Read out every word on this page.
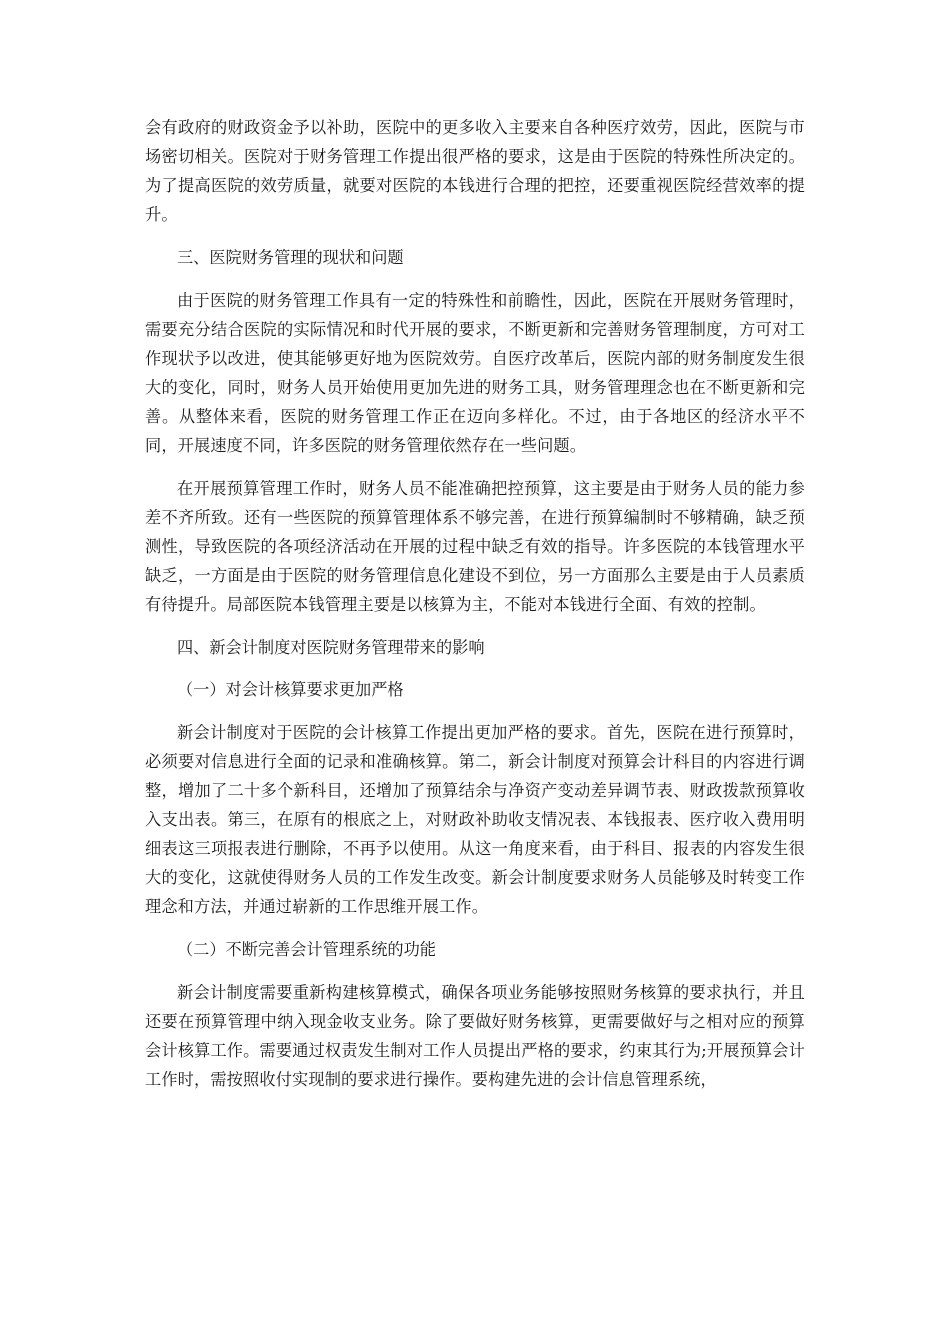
会有政府的财政资金予以补助，医院中的更多收入主要来自各种医疗效劳，因此，医院与市场密切相关。医院对于财务管理工作提出很严格的要求，这是由于医院的特殊性所决定的。为了提高医院的效劳质量，就要对医院的本钱进行合理的把控，还要重视医院经营效率的提升。

三、医院财务管理的现状和问题

由于医院的财务管理工作具有一定的特殊性和前瞻性，因此，医院在开展财务管理时，需要充分结合医院的实际情况和时代开展的要求，不断更新和完善财务管理制度，方可对工作现状予以改进，使其能够更好地为医院效劳。自医疗改革后，医院内部的财务制度发生很大的变化，同时，财务人员开始使用更加先进的财务工具，财务管理理念也在不断更新和完善。从整体来看，医院的财务管理工作正在迈向多样化。不过，由于各地区的经济水平不同，开展速度不同，许多医院的财务管理依然存在一些问题。

在开展预算管理工作时，财务人员不能准确把控预算，这主要是由于财务人员的能力参差不齐所致。还有一些医院的预算管理体系不够完善，在进行预算编制时不够精确，缺乏预测性，导致医院的各项经济活动在开展的过程中缺乏有效的指导。许多医院的本钱管理水平缺乏，一方面是由于医院的财务管理信息化建设不到位，另一方面那么主要是由于人员素质有待提升。局部医院本钱管理主要是以核算为主，不能对本钱进行全面、有效的控制。

四、新会计制度对医院财务管理带来的影响

（一）对会计核算要求更加严格

新会计制度对于医院的会计核算工作提出更加严格的要求。首先，医院在进行预算时，必须要对信息进行全面的记录和准确核算。第二，新会计制度对预算会计科目的内容进行调整，增加了二十多个新科目，还增加了预算结余与净资产变动差异调节表、财政拨款预算收入支出表。第三，在原有的根底之上，对财政补助收支情况表、本钱报表、医疗收入费用明细表这三项报表进行删除，不再予以使用。从这一角度来看，由于科目、报表的内容发生很大的变化，这就使得财务人员的工作发生改变。新会计制度要求财务人员能够及时转变工作理念和方法，并通过崭新的工作思维开展工作。

（二）不断完善会计管理系统的功能

新会计制度需要重新构建核算模式，确保各项业务能够按照财务核算的要求执行，并且还要在预算管理中纳入现金收支业务。除了要做好财务核算，更需要做好与之相对应的预算会计核算工作。需要通过权责发生制对工作人员提出严格的要求，约束其行为;开展预算会计工作时，需按照收付实现制的要求进行操作。要构建先进的会计信息管理系统，
